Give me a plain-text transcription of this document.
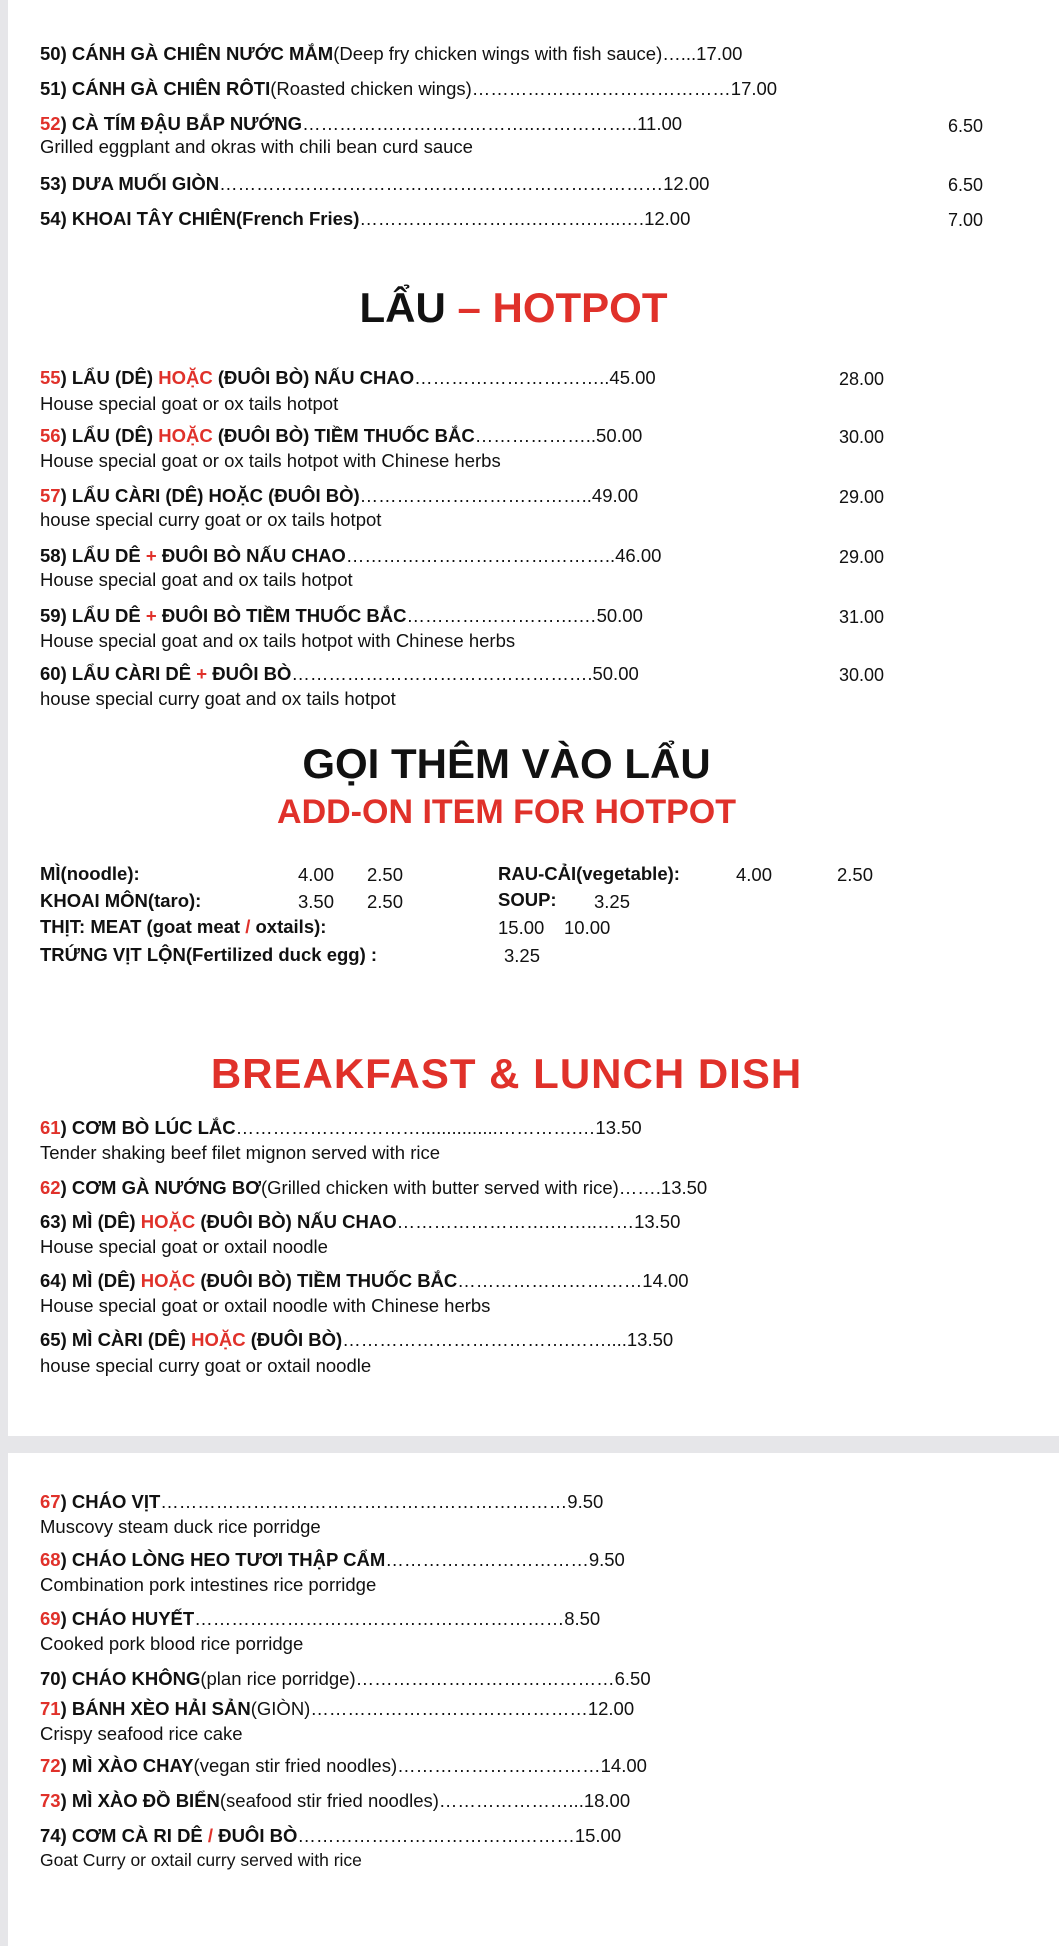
50) CÁNH GÀ CHIÊN NƯỚC MẮM(Deep fry chicken wings with fish sauce)…...17.00
51) CÁNH GÀ CHIÊN RÔTI(Roasted chicken wings)……………………………………17.00
52) CÀ TÍM ĐẬU BẮP NƯỚNG………………………………..……………..11.00	6.50
Grilled eggplant and okras with chili bean curd sauce
53) DƯA MUỐI GIÒN………………………………………………………………12.00	6.50
54) KHOAI TÂY CHIÊN(French Fries)……………………….……….…..….12.00	7.00
LẨU – HOTPOT
55) LẨU (DÊ) HOẶC (ĐUÔI BÒ) NẤU CHAO…………………………..45.00	28.00
House special goat or ox tails hotpot
56) LẨU (DÊ) HOẶC (ĐUÔI BÒ) TIỀM THUỐC BẮC………………..50.00	30.00
House special goat or ox tails hotpot with Chinese herbs
57) LẨU CÀRI (DÊ) HOẶC (ĐUÔI BÒ)………………………………..49.00	29.00
house special curry goat or ox tails hotpot
58) LẨU DÊ + ĐUÔI BÒ NẤU CHAO……………………………………..46.00	29.00
House special goat and ox tails hotpot
59) LẨU DÊ + ĐUÔI BÒ TIỀM THUỐC BẮC……………………….…50.00	31.00
House special goat and ox tails hotpot with Chinese herbs
60) LẨU CÀRI DÊ + ĐUÔI BÒ………………………………………….50.00	30.00
house special curry goat and ox tails hotpot
GỌI THÊM VÀO LẨU
ADD-ON ITEM FOR HOTPOT
MÌ(noodle):	4.00 2.50	RAU-CẢI(vegetable):	4.00	2.50
KHOAI MÔN(taro):	3.50 2.50	SOUP: 3.25
THỊT: MEAT (goat meat / oxtails):	15.00 10.00
TRỨNG VỊT LỘN(Fertilized duck egg) :	3.25
BREAKFAST & LUNCH DISH
61) CƠM BÒ LÚC LẮC…………………………...............………….…13.50
Tender shaking beef filet mignon served with rice
62) CƠM GÀ NƯỚNG BƠ(Grilled chicken with butter served with rice)…….13.50
63) MÌ (DÊ) HOẶC (ĐUÔI BÒ) NẤU CHAO…………………….……..……13.50
House special goat or oxtail noodle
64) MÌ (DÊ) HOẶC (ĐUÔI BÒ) TIỀM THUỐC BẮC…………………………14.00
House special goat or oxtail noodle with Chinese herbs
65) MÌ CÀRI (DÊ) HOẶC (ĐUÔI BÒ)……………………………….……....13.50
house special curry goat or oxtail noodle
67) CHÁO VỊT…………………………………………………………9.50
Muscovy steam duck rice porridge
68) CHÁO LÒNG HEO TƯƠI THẬP CẨM……………………………9.50
Combination pork intestines rice porridge
69) CHÁO HUYẾT……………………………………………………8.50
Cooked pork blood rice porridge
70) CHÁO KHÔNG(plan rice porridge)……………………………………6.50
71) BÁNH XÈO HẢI SẢN(GIÒN)………………………………………12.00
Crispy seafood rice cake
72) MÌ XÀO CHAY(vegan stir fried noodles)……………………………14.00
73) MÌ XÀO ĐỒ BIỂN(seafood stir fried noodles)…………………...18.00
74) CƠM CÀ RI DÊ / ĐUÔI BÒ………………………………………15.00
Goat Curry or oxtail curry served with rice
